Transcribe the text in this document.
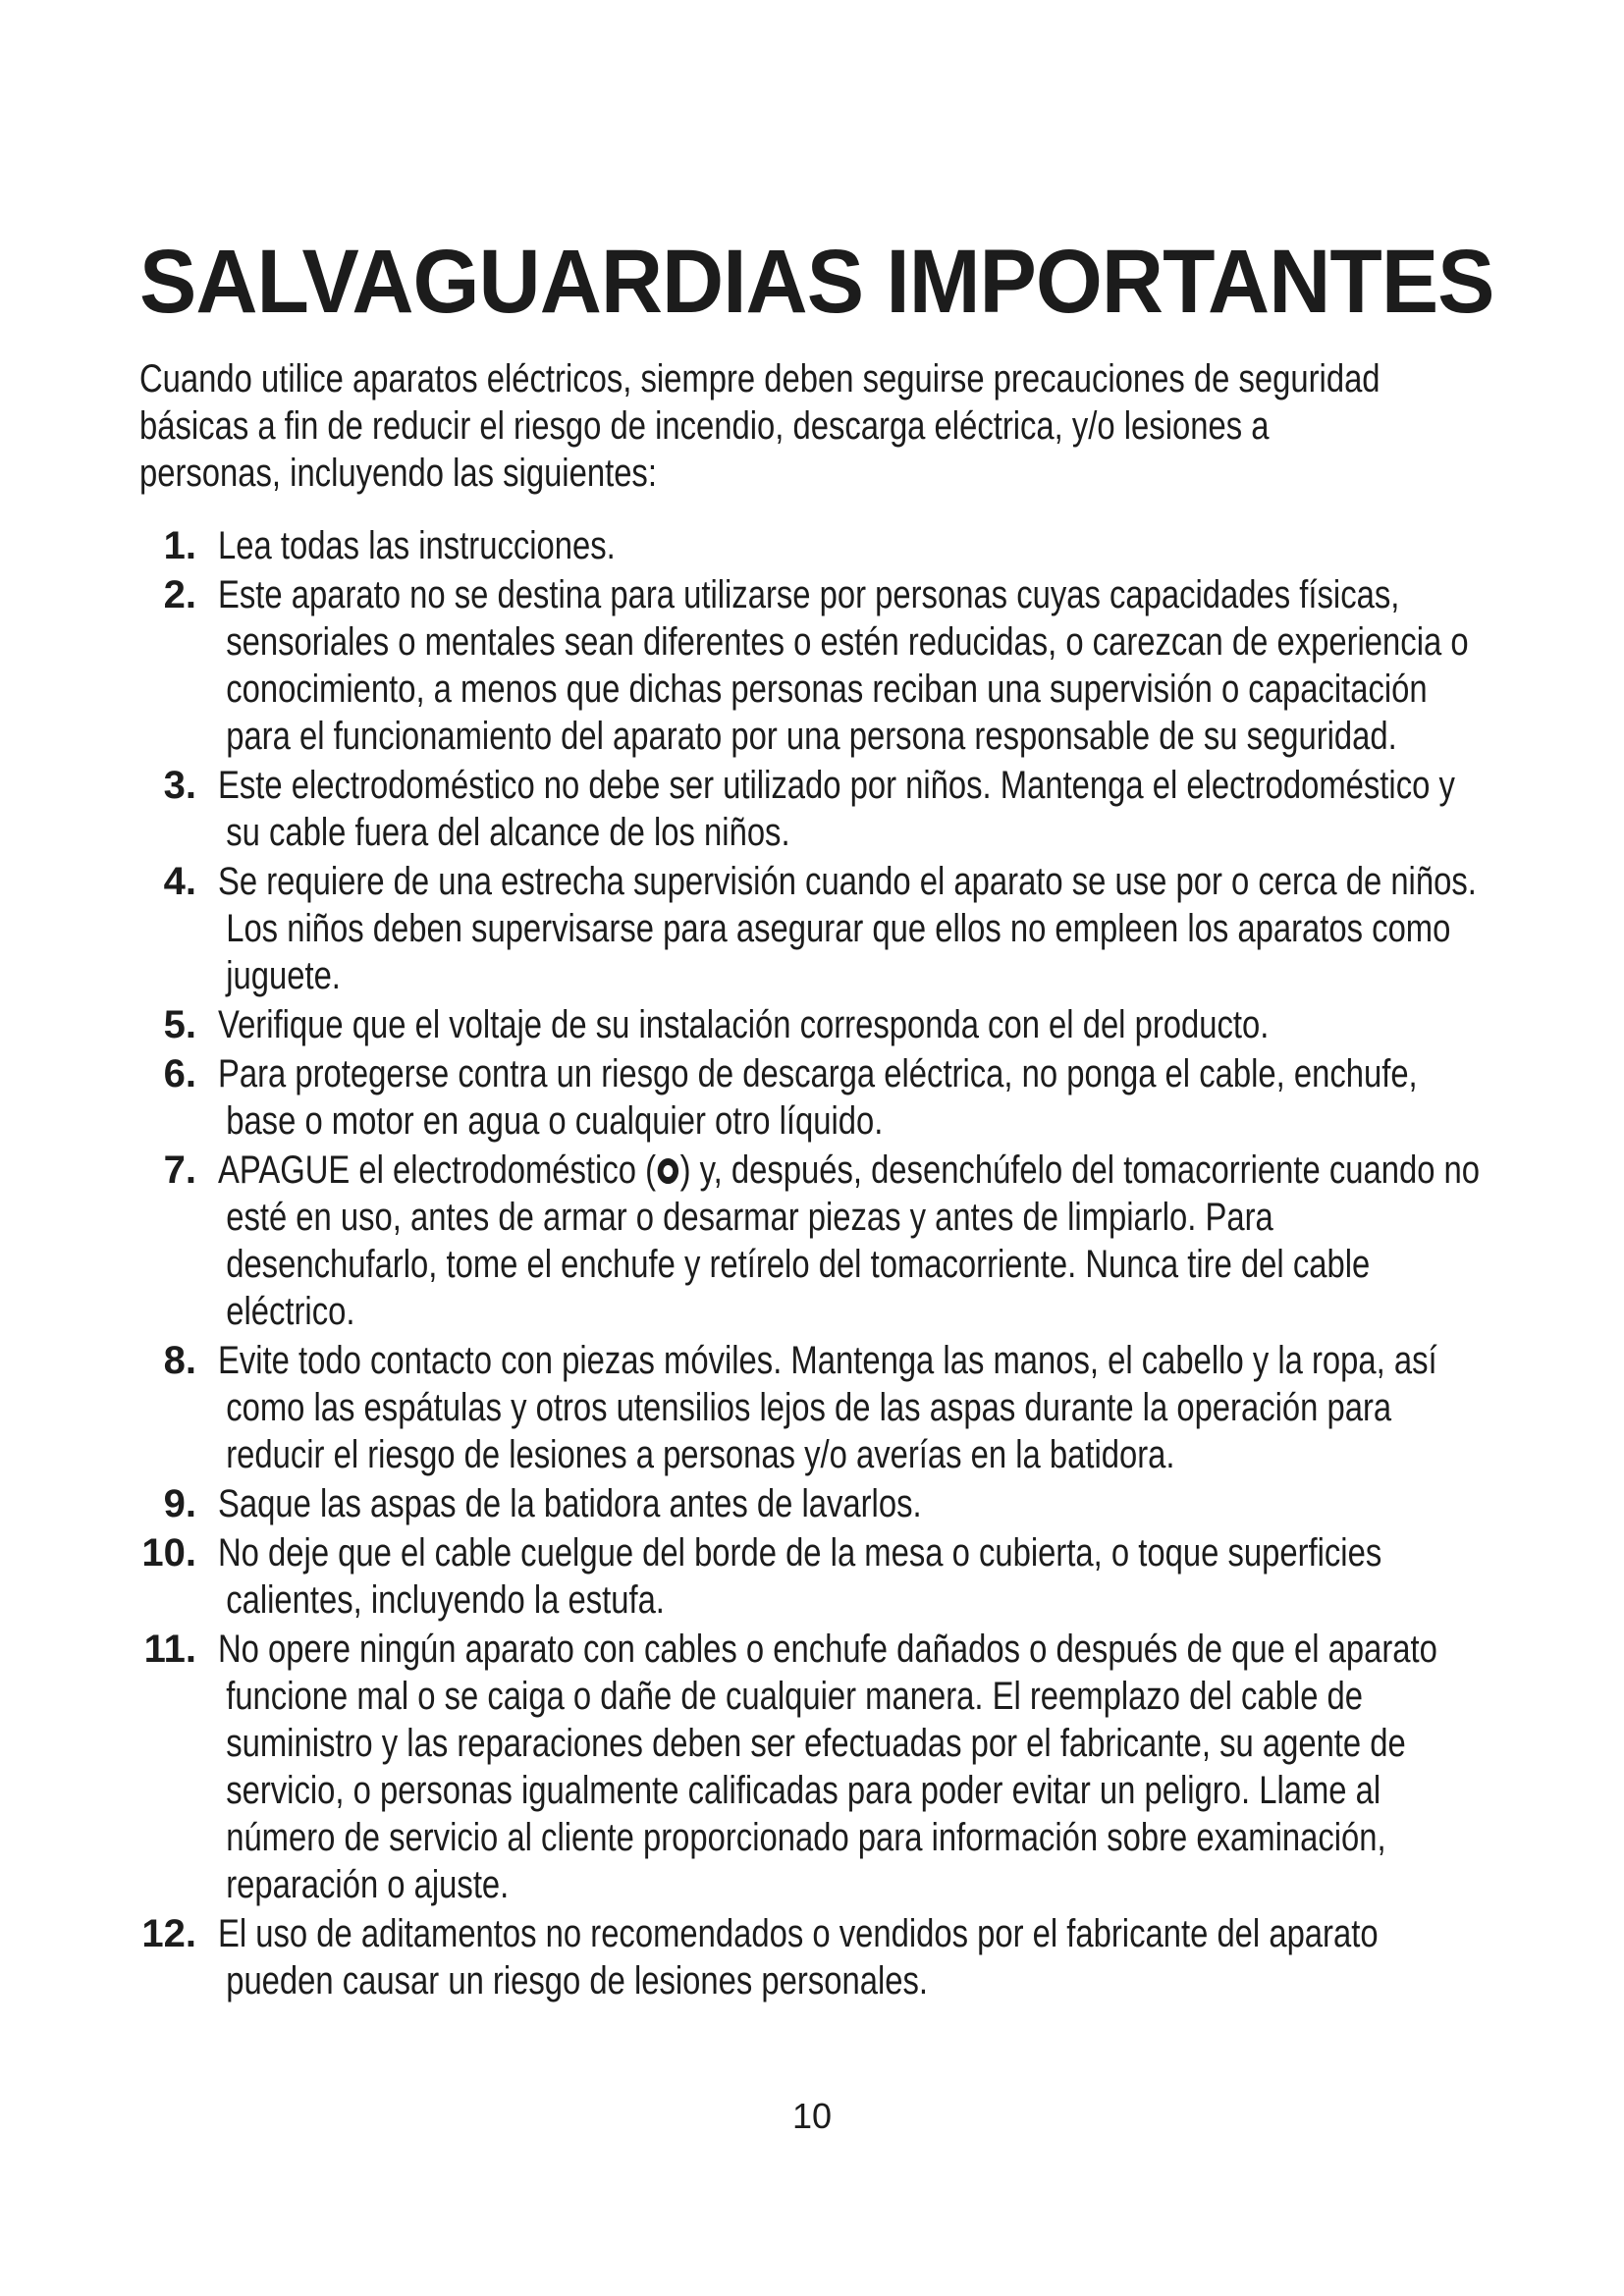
SALVAGUARDIAS IMPORTANTES

Cuando utilice aparatos eléctricos, siempre deben seguirse precauciones de seguridad básicas a fin de reducir el riesgo de incendio, descarga eléctrica, y/o lesiones a personas, incluyendo las siguientes:

1. Lea todas las instrucciones.
2. Este aparato no se destina para utilizarse por personas cuyas capacidades físicas, sensoriales o mentales sean diferentes o estén reducidas, o carezcan de experiencia o conocimiento, a menos que dichas personas reciban una supervisión o capacitación para el funcionamiento del aparato por una persona responsable de su seguridad.
3. Este electrodoméstico no debe ser utilizado por niños. Mantenga el electrodoméstico y su cable fuera del alcance de los niños.
4. Se requiere de una estrecha supervisión cuando el aparato se use por o cerca de niños. Los niños deben supervisarse para asegurar que ellos no empleen los aparatos como juguete.
5. Verifique que el voltaje de su instalación corresponda con el del producto.
6. Para protegerse contra un riesgo de descarga eléctrica, no ponga el cable, enchufe, base o motor en agua o cualquier otro líquido.
7. APAGUE el electrodoméstico ( ) y, después, desenchúfelo del tomacorriente cuando no esté en uso, antes de armar o desarmar piezas y antes de limpiarlo. Para desenchufarlo, tome el enchufe y retírelo del tomacorriente. Nunca tire del cable eléctrico.
8. Evite todo contacto con piezas móviles. Mantenga las manos, el cabello y la ropa, así como las espátulas y otros utensilios lejos de las aspas durante la operación para reducir el riesgo de lesiones a personas y/o averías en la batidora.
9. Saque las aspas de la batidora antes de lavarlos.
10. No deje que el cable cuelgue del borde de la mesa o cubierta, o toque superficies calientes, incluyendo la estufa.
11. No opere ningún aparato con cables o enchufe dañados o después de que el aparato funcione mal o se caiga o dañe de cualquier manera. El reemplazo del cable de suministro y las reparaciones deben ser efectuadas por el fabricante, su agente de servicio, o personas igualmente calificadas para poder evitar un peligro. Llame al número de servicio al cliente proporcionado para información sobre examinación, reparación o ajuste.
12. El uso de aditamentos no recomendados o vendidos por el fabricante del aparato pueden causar un riesgo de lesiones personales.
10
